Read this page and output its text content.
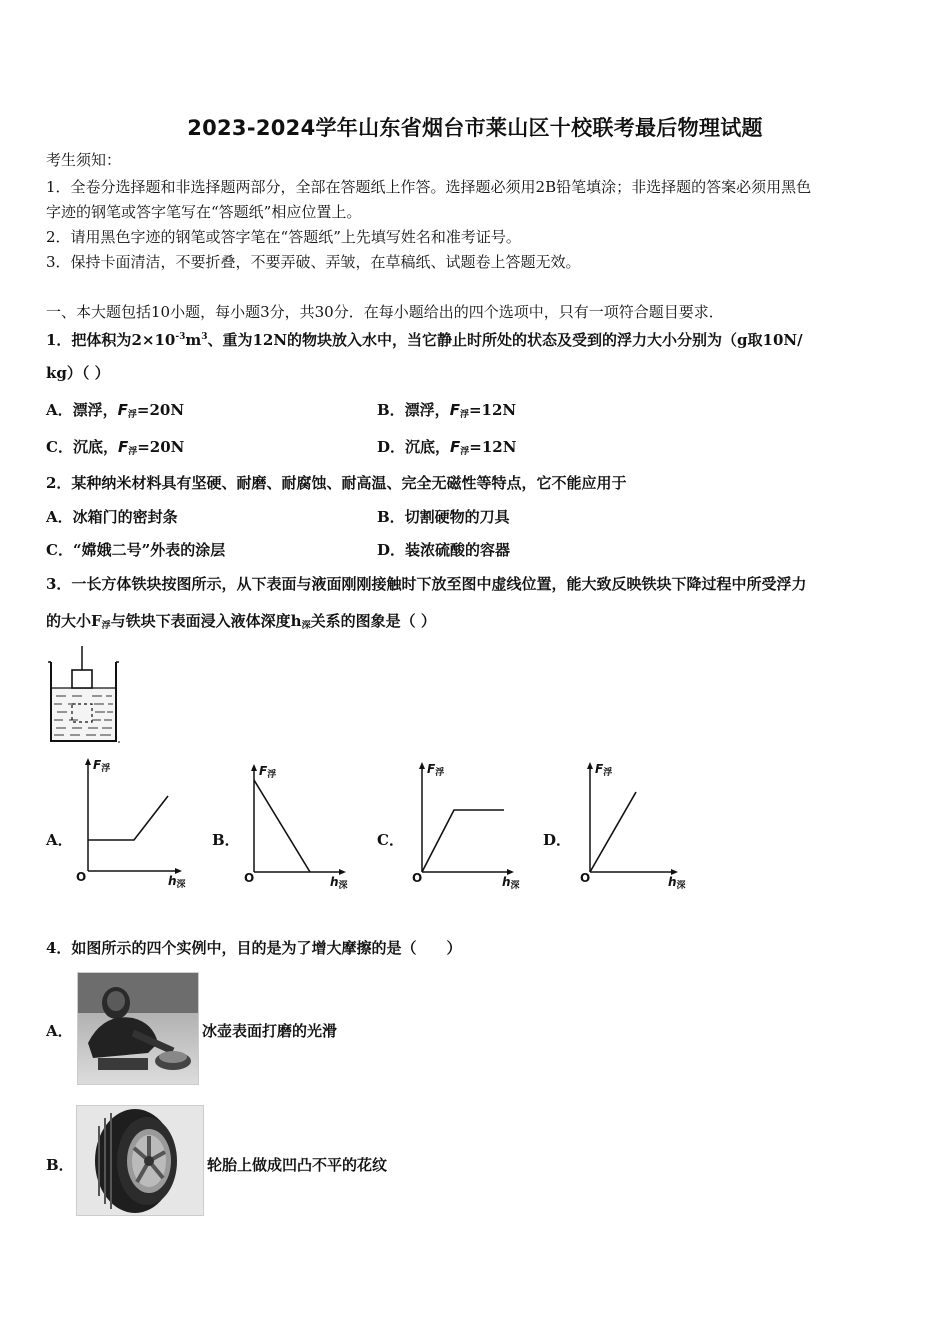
2023-2024学年山东省烟台市莱山区十校联考最后物理试题
考生须知：
1．全卷分选择题和非选择题两部分，全部在答题纸上作答。选择题必须用2B铅笔填涂；非选择题的答案必须用黑色
字迹的钢笔或答字笔写在“答题纸”相应位置上。
2．请用黑色字迹的钢笔或答字笔在“答题纸”上先填写姓名和准考证号。
3．保持卡面清洁，不要折叠，不要弄破、弄皱，在草稿纸、试题卷上答题无效。
一、本大题包括10小题，每小题3分，共30分．在每小题给出的四个选项中，只有一项符合题目要求．
1．把体积为$2\times 10^{-3}m^3$、重为12N的物块放入水中，当它静止时所处的状态及受到的浮力大小分别为（g取10N/
kg）（ ）
A．漂浮，$F_浮=20N$	B．漂浮，$F_浮=12N$
C．沉底，$F_浮=20N$	D．沉底，$F_浮=12N$
2．某种纳米材料具有坚硬、耐磨、耐腐蚀、耐高温、完全无磁性等特点，它不能应用于
A．冰箱门的密封条	B．切割硬物的刀具
C．“嫦娥二号”外表的涂层	D．装浓硫酸的容器
3．一长方体铁块按图所示，从下表面与液面刚刚接触时下放至图中虚线位置，能大致反映铁块下降过程中所受浮力
的大小$F_浮$与铁块下表面浸入液体深度$h_深$关系的图象是（ ）
A．	B．	C．	D．
$F_浮$
O	$h_深$
$F_浮$
O	$h_深$
$F_浮$
O	$h_深$
$F_浮$
O	$h_深$
4．如图所示的四个实例中，目的是为了增大摩擦的是（　　）
A．	冰壶表面打磨的光滑
B．	轮胎上做成凹凸不平的花纹
